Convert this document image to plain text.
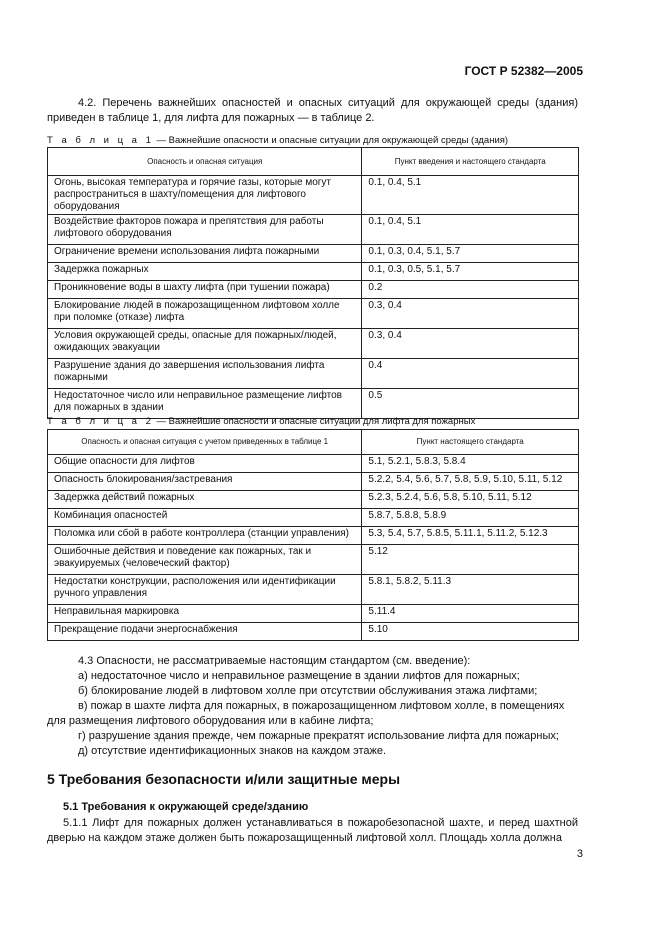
ГОСТ Р 52382—2005
4.2. Перечень важнейших опасностей и опасных ситуаций для окружающей среды (здания) приведен в таблице 1, для лифта для пожарных — в таблице 2.
Т а б л и ц а 1 — Важнейшие опасности и опасные ситуации для окружающей среды (здания)
Опасность и опасная ситуация	Пункт введения и настоящего стандарта
Огонь, высокая температура и горячие газы, которые могут распространиться в шахту/помещения для лифтового оборудования	0.1, 0.4, 5.1
Воздействие факторов пожара и препятствия для работы лифтового оборудования	0.1, 0.4, 5.1
Ограничение времени использования лифта пожарными	0.1, 0.3, 0.4, 5.1, 5.7
Задержка пожарных	0.1, 0.3, 0.5, 5.1, 5.7
Проникновение воды в шахту лифта (при тушении пожара)	0.2
Блокирование людей в пожарозащищенном лифтовом холле при поломке (отказе) лифта	0.3, 0.4
Условия окружающей среды, опасные для пожарных/людей, ожидающих эвакуации	0.3, 0.4
Разрушение здания до завершения использования лифта пожарными	0.4
Недостаточное число или неправильное размещение лифтов для пожарных в здании	0.5
Т а б л и ц а 2 — Важнейшие опасности и опасные ситуации для лифта для пожарных
Опасность и опасная ситуация с учетом приведенных в таблице 1	Пункт настоящего стандарта
Общие опасности для лифтов	5.1, 5.2.1, 5.8.3, 5.8.4
Опасность блокирования/застревания	5.2.2, 5.4, 5.6, 5.7, 5.8, 5.9, 5.10, 5.11, 5.12
Задержка действий пожарных	5.2.3, 5.2.4, 5.6, 5.8, 5.10, 5.11, 5.12
Комбинация опасностей	5.8.7, 5.8.8, 5.8.9
Поломка или сбой в работе контроллера (станции управления)	5.3, 5.4, 5.7, 5.8.5, 5.11.1, 5.11.2, 5.12.3
Ошибочные действия и поведение как пожарных, так и эвакуируемых (человеческий фактор)	5.12
Недостатки конструкции, расположения или идентификации ручного управления	5.8.1, 5.8.2, 5.11.3
Неправильная маркировка	5.11.4
Прекращение подачи энергоснабжения	5.10
4.3 Опасности, не рассматриваемые настоящим стандартом (см. введение):
а) недостаточное число и неправильное размещение в здании лифтов для пожарных;
б) блокирование людей в лифтовом холле при отсутствии обслуживания этажа лифтами;
в) пожар в шахте лифта для пожарных, в пожарозащищенном лифтовом холле, в помещениях для размещения лифтового оборудования или в кабине лифта;
г) разрушение здания прежде, чем пожарные прекратят использование лифта для пожарных;
д) отсутствие идентификационных знаков на каждом этаже.
5 Требования безопасности и/или защитные меры
5.1 Требования к окружающей среде/зданию
5.1.1 Лифт для пожарных должен устанавливаться в пожаробезопасной шахте, и перед шахтной дверью на каждом этаже должен быть пожарозащищенный лифтовой холл. Площадь холла должна
3
